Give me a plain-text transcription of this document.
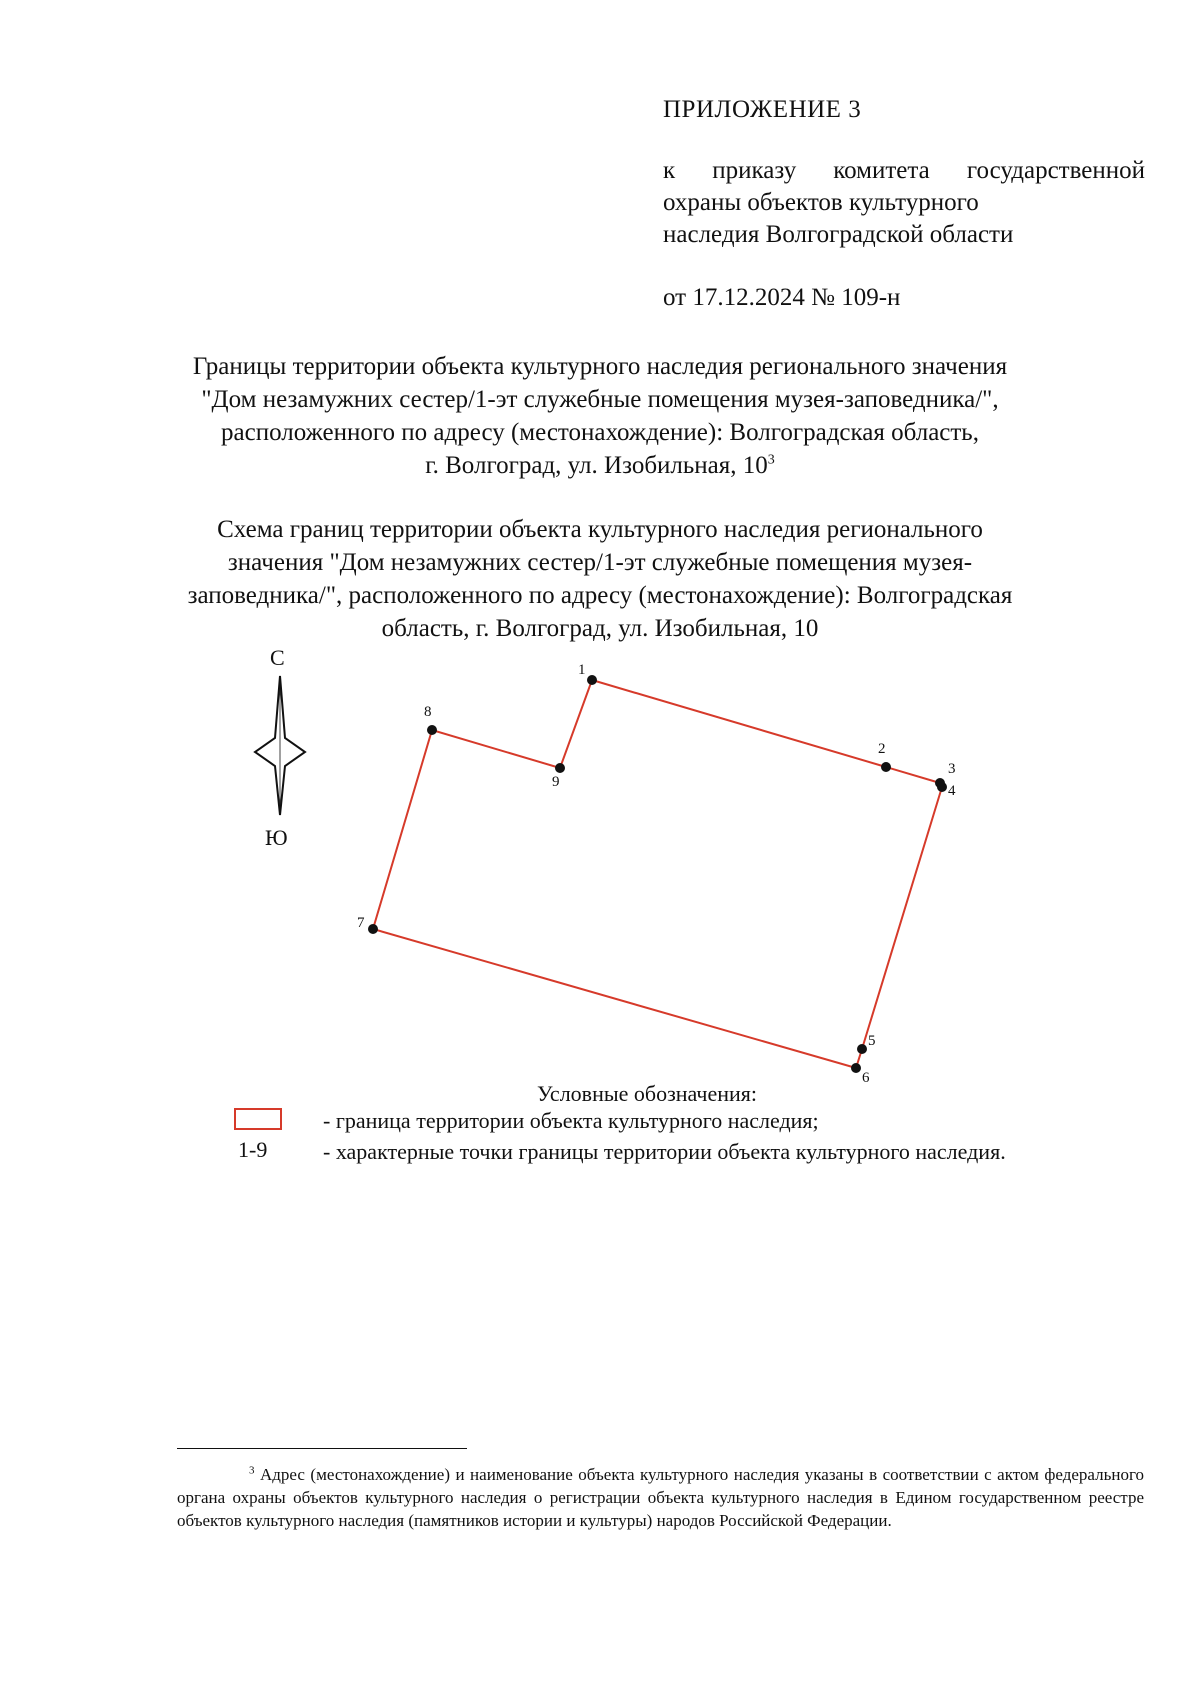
ПРИЛОЖЕНИЕ 3
к приказу комитета государственной
охраны объектов культурного
наследия Волгоградской области
от 17.12.2024 № 109-н
Границы территории объекта культурного наследия регионального значения
"Дом незамужних сестер/1-эт служебные помещения музея-заповедника/",
расположенного по адресу (местонахождение): Волгоградская область,
г. Волгоград, ул. Изобильная, $10^3$
Схема границ территории объекта культурного наследия регионального
значения "Дом незамужних сестер/1-эт служебные помещения музея-
заповедника/", расположенного по адресу (местонахождение): Волгоградская
область, г. Волгоград, ул. Изобильная, 10
С
Ю
1
2
3
4
5
6
7
8
9
Условные обозначения:
- граница территории объекта культурного наследия;
1-9	- характерные точки границы территории объекта культурного наследия.
$^3$ Адрес (местонахождение) и наименование объекта культурного наследия указаны в соответствии с актом федерального органа охраны объектов культурного наследия о регистрации объекта культурного наследия в Едином государственном реестре объектов культурного наследия (памятников истории и культуры) народов Российской Федерации.
